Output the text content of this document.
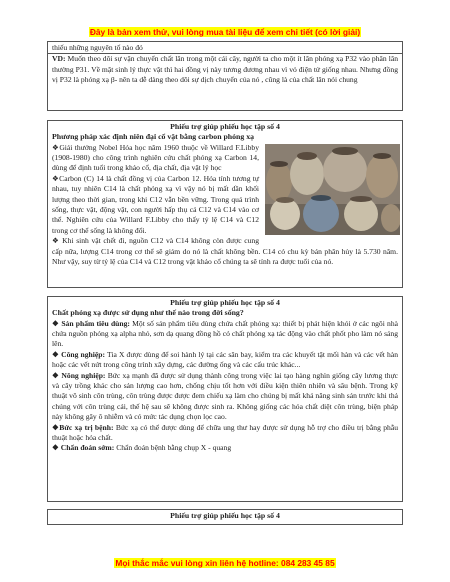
Đây là bản xem thử, vui lòng mua tài liệu để xem chi tiết (có lời giải)

thiếu những nguyên tố nào đó

VD: Muốn theo dõi sự vận chuyển chất lân trong một cái cây, người ta cho một ít lân phóng xạ P32 vào phân lân thường P31. Về mặt sinh lý thực vật thì hai đồng vị này tương đương nhau vì vỏ điện tử giống nhau. Nhưng đồng vị P32 là phóng xạ β- nên ta dễ dàng theo dõi sự dịch chuyển của nó , cũng là của chất lân nói chung

Phiếu trợ giúp phiếu học tập số 4

Phương pháp xác định niên đại cổ vật bằng carbon phóng xạ

❖Giải thưởng Nobel Hóa học năm 1960 thuộc về Willard F.Libby (1908-1980) cho công trình nghiên cứu chất phóng xạ Carbon 14, dùng để định tuổi trong khảo cổ, địa chất, địa vật lý học

❖Carbon (C) 14 là chất đồng vị của Carbon 12. Hóa tính tương tự nhau, tuy nhiên C14 là chất phóng xạ vì vậy nó bị mất dần khối lượng theo thời gian, trong khi C12 vẫn bền vững. Trong quá trình sống, thực vật, động vật, con người hấp thụ cả C12 và C14 vào cơ thể. Nghiên cứu của Willard F.Libby cho thấy tỷ lệ C14 và C12 trong cơ thể sống là không đổi.

❖ Khi sinh vật chết đi, nguồn C12 và C14 không còn được cung cấp nữa, lượng C14 trong cơ thể sẽ giảm do nó là chất không bền. C14 có chu kỳ bán phân hủy là 5.730 năm. Như vậy, suy từ tỷ lệ của C14 và C12 trong vật khảo cổ chúng ta sẽ tính ra được tuổi của nó.

Phiếu trợ giúp phiếu học tập số 4

Chất phóng xạ được sử dụng như thế nào trong đời sống?

❖ Sản phẩm tiêu dùng: Một số sản phẩm tiêu dùng chứa chất phóng xạ: thiết bị phát hiện khói ở các ngôi nhà chứa nguồn phóng xạ alpha nhỏ, sơn dạ quang đồng hồ có chất phóng xạ tác động vào chất phốt pho làm nó sáng lên.

❖ Công nghiệp: Tia X được dùng để soi hành lý tại các sân bay, kiểm tra các khuyết tật mối hàn và các vết hàn hoặc các vết nứt trong công trình xây dựng, các đường ống và các cấu trúc khác...

❖ Nông nghiệp: Bức xạ mạnh đã được sử dụng thành công trong việc lai tạo hàng nghìn giống cây lương thực và cây trồng khác cho sản lượng cao hơn, chống chịu tốt hơn với điều kiện thiên nhiên và sâu bệnh. Trong kỹ thuật vô sinh côn trùng, côn trùng được được đem chiếu xạ làm cho chúng bị mất khả năng sinh sản trước khi thả chúng với côn trùng cái, thế hệ sau sẽ không được sinh ra. Không giống các hóa chất diệt côn trùng, biện pháp này không gây ô nhiễm và có mức tác dụng chọn lọc cao.

❖Bức xạ trị bệnh: Bức xạ có thể được dùng để chữa ung thư hay được sử dụng hỗ trợ cho điều trị bằng phẫu thuật hoặc hóa chất.

❖ Chẩn đoán sớm: Chẩn đoán bệnh bằng chụp X - quang

Phiếu trợ giúp phiếu học tập số 4

Mọi thắc mắc vui lòng xin liên hệ hotline: 084 283 45 85
